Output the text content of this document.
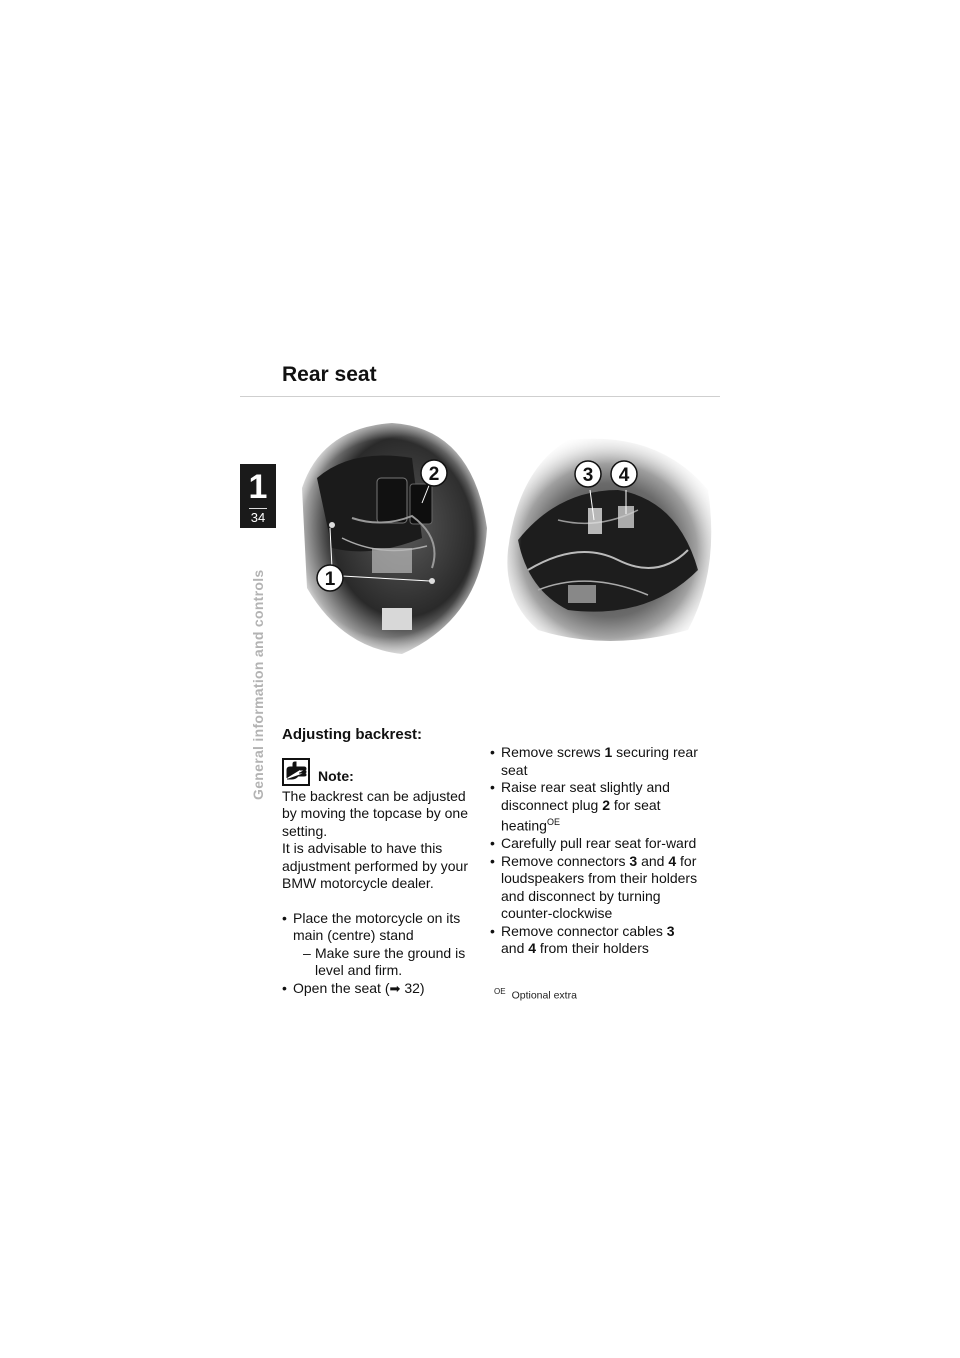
Rear seat
1
34
General information and controls
2
1
3 4
Adjusting backrest:
Note:

The backrest can be adjusted

by moving the topcase by one

setting.

It is advisable to have this

adjustment performed by your

BMW motorcycle dealer.

• Place the motorcycle on its main (centre) stand
– Make sure the ground is level and firm.
• Open the seat (➡ 32)
• Remove screws 1 securing rear seat
• Raise rear seat slightly and disconnect plug 2 for seat heating$^{OE}$
• Carefully pull rear seat for-ward
• Remove connectors 3 and 4 for loudspeakers from their holders and disconnect by turning counter-clockwise
• Remove connector cables 3 and 4 from their holders
$^{OE}$ Optional extra
